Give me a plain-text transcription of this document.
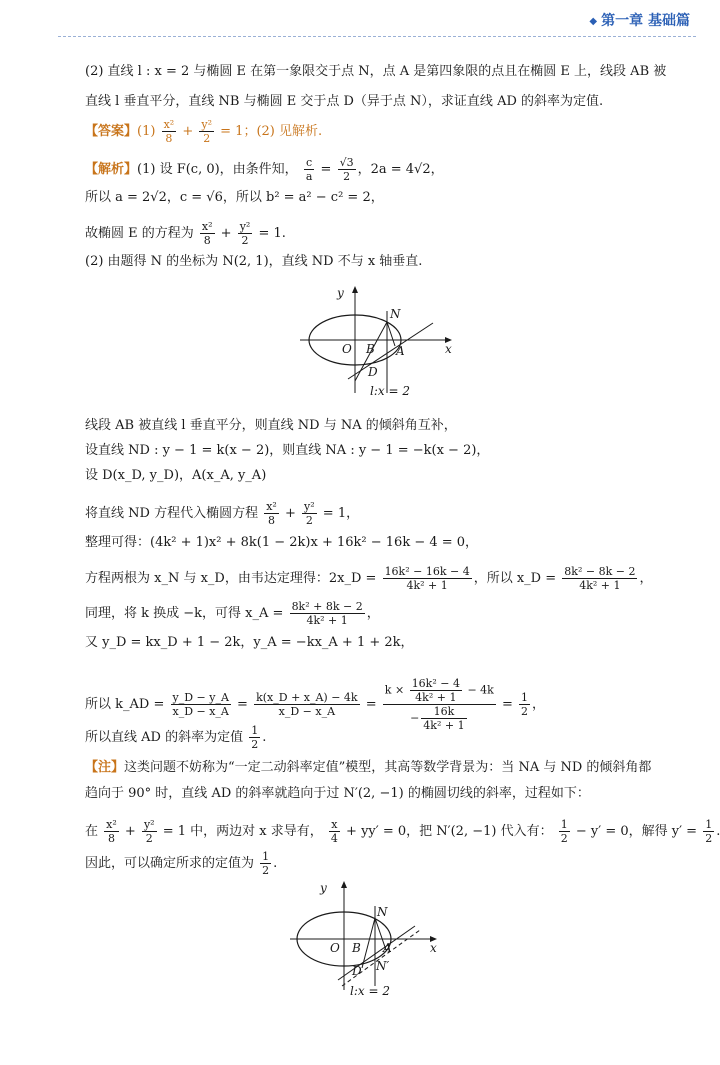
◆ 第一章 基础篇
(2) 直线 l : x = 2 与椭圆 E 在第一象限交于点 N，点 A 是第四象限的点且在椭圆 E 上，线段 AB 被
直线 l 垂直平分，直线 NB 与椭圆 E 交于点 D（异于点 N），求证直线 AD 的斜率为定值.
【答案】$(1) \frac{\text{x²}}{8} + \frac{\text{y²}}{2} = 1$；(2) 见解析.
【解析】(1) 设 F(c, 0)，由条件知， $\frac{c}{a} = \frac{√3}{2}$ ，2a = 4√2，
所以 a = 2√2，c = √6，所以 b² = a² − c² = 2，
故椭圆 E 的方程为 $\frac{\text{x²}}{8} + \frac{\text{y²}}{2} = 1$.
(2) 由题得 N 的坐标为 N(2, 1)，直线 ND 不与 x 轴垂直.
y
x
O B A
N
D
l:x = 2
线段 AB 被直线 l 垂直平分，则直线 ND 与 NA 的倾斜角互补，
设直线 ND : y − 1 = k(x − 2)，则直线 NA : y − 1 = −k(x − 2)，
设 D(x_D, y_D)，A(x_A, y_A)
将直线 ND 方程代入椭圆方程 $\frac{\text{x²}}{8} + \frac{\text{y²}}{2} = 1$，
整理可得：(4k² + 1)x² + 8k(1 − 2k)x + 16k² − 16k − 4 = 0，
方程两根为 x_N 与 x_D，由韦达定理得：2x_D = $\frac{\text{16k² − 16k − 4}}{\text{4k² + 1}}$ ，所以 x_D = $\frac{\text{8k² − 8k − 2}}{\text{4k² + 1}}$ ，
同理，将 k 换成 −k，可得 x_A = $\frac{\text{8k² + 8k − 2}}{\text{4k² + 1}}$ ，
又 y_D = kx_D + 1 − 2k，y_A = −kx_A + 1 + 2k，
所以 k_AD = $\frac{y\_D - y\_A}{x\_D - x\_A} = \frac{k(x\_D + x\_A) - 4k}{x\_D - x\_A} = \frac{k \times \frac{\text{16k² − 4}}{\text{4k² + 1}} - 4k}{- \frac{16k}{\text{4k² + 1}}} = \frac{1}{2}$ ，
所以直线 AD 的斜率为定值 $\frac{1}{2}$ .
【注】这类问题不妨称为“一定二动斜率定值”模型，其高等数学背景为：当 NA 与 ND 的倾斜角都
趋向于 90° 时，直线 AD 的斜率就趋向于过 N′(2, −1) 的椭圆切线的斜率，过程如下：
在 $\frac{\text{x²}}{8} + \frac{\text{y²}}{2} = 1$ 中，两边对 x 求导有， $\frac{x}{4} + yy' = 0$，把 N′(2, −1) 代入有： $\frac{1}{2} - y' = 0$，解得 $y' = \frac{1}{2}$ .
因此，可以确定所求的定值为 $\frac{1}{2}$ .
y
x
O B A
N
D N′
l:x = 2
